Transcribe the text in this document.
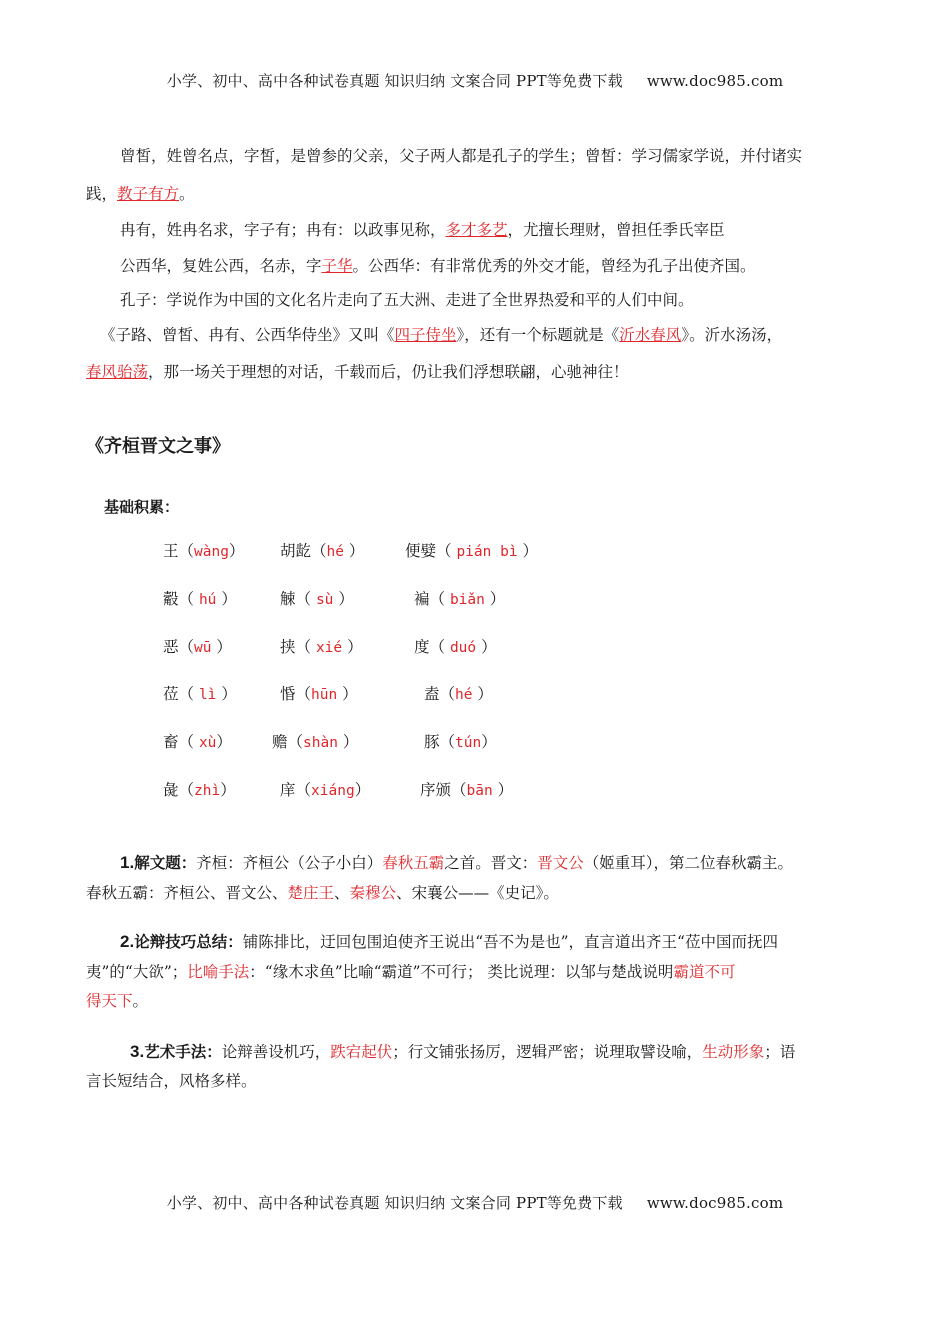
小学、初中、高中各种试卷真题 知识归纳 文案合同 PPT等免费下载 www.doc985.com
曾皙，姓曾名点，字皙，是曾参的父亲，父子两人都是孔子的学生；曾皙：学习儒家学说，并付诸实
践，教子有方。
冉有，姓冉名求，字子有；冉有：以政事见称，多才多艺，尤擅长理财，曾担任季氏宰臣
公西华，复姓公西，名赤，字子华。公西华：有非常优秀的外交才能，曾经为孔子出使齐国。
孔子：学说作为中国的文化名片走向了五大洲、走进了全世界热爱和平的人们中间。
《子路、曾皙、冉有、公西华侍坐》又叫《四子侍坐》，还有一个标题就是《沂水春风》。沂水汤汤，
春风骀荡，那一场关于理想的对话，千载而后，仍让我们浮想联翩，心驰神往！
《齐桓晋文之事》
基础积累：
王（wàng） 胡龁（hé ）	便嬖（ pián bì ）
觳（ hú ）	觫（ sù ）	褊（ biǎn ）
恶（wū ）	挟（ xié ）	度（ duó ）
莅（ lì ）	惛（hūn ）	盍（hé ）
畜（ xù）	赡（shàn ）	豚（tún）
彘（zhì）	庠（xiáng）	序颁（bān ）
1.解文题：齐桓：齐桓公（公子小白）春秋五霸之首。晋文：晋文公（姬重耳），第二位春秋霸主。
春秋五霸：齐桓公、晋文公、楚庄王、秦穆公、宋襄公——《史记》。
2.论辩技巧总结：铺陈排比，迂回包围迫使齐王说出“吾不为是也”，直言道出齐王“莅中国而抚四
夷”的“大欲”；比喻手法：“缘木求鱼”比喻“霸道”不可行； 类比说理：以邹与楚战说明霸道不可
得天下。
3.艺术手法：论辩善设机巧，跌宕起伏；行文铺张扬厉，逻辑严密；说理取譬设喻，生动形象；语
言长短结合，风格多样。
小学、初中、高中各种试卷真题 知识归纳 文案合同 PPT等免费下载 www.doc985.com
